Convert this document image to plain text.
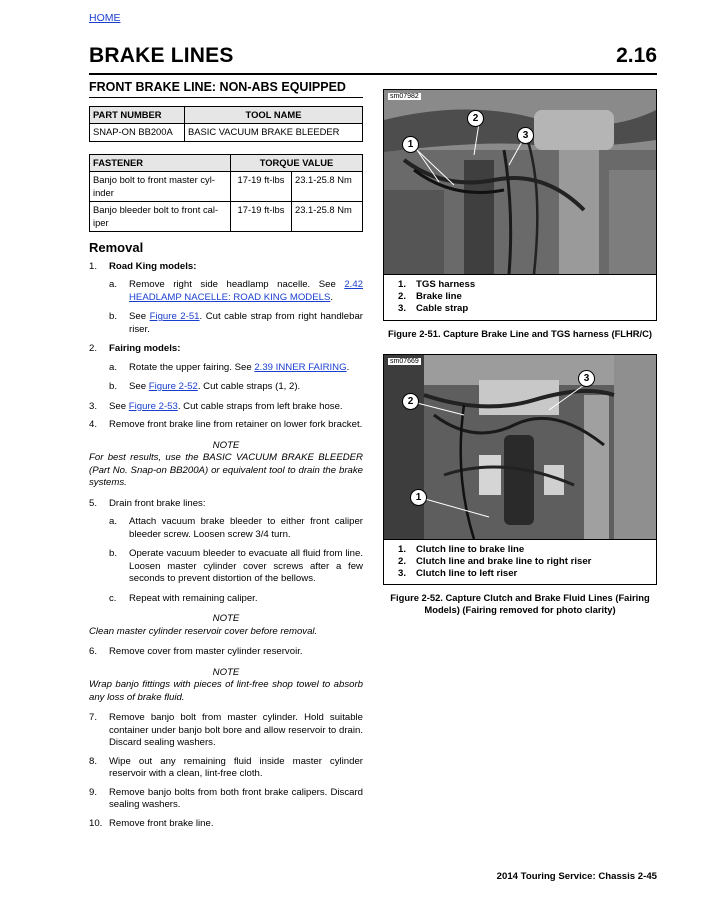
HOME
BRAKE LINES	2.16
FRONT BRAKE LINE: NON-ABS EQUIPPED
PART NUMBER	TOOL NAME
SNAP-ON BB200A	BASIC VACUUM BRAKE BLEEDER
FASTENER	TORQUE VALUE	
Banjo bolt to front master cyl-inder	17-19 ft-lbs	23.1-25.8 Nm
Banjo bleeder bolt to front cal-iper	17-19 ft-lbs	23.1-25.8 Nm
Removal
1.	Road King models:
a.	Remove right side headlamp nacelle. See 2.42 HEADLAMP NACELLE: ROAD KING MODELS.
b.	See Figure 2-51. Cut cable strap from right handlebar riser.
2.	Fairing models:
a.	Rotate the upper fairing. See 2.39 INNER FAIRING.
b.	See Figure 2-52. Cut cable straps (1, 2).
3.	See Figure 2-53. Cut cable straps from left brake hose.
4.	Remove front brake line from retainer on lower fork bracket.
NOTE
For best results, use the BASIC VACUUM BRAKE BLEEDER (Part No. Snap-on BB200A) or equivalent tool to drain the brake systems.
5.	Drain front brake lines:
a.	Attach vacuum brake bleeder to either front caliper bleeder screw. Loosen screw 3/4 turn.
b.	Operate vacuum bleeder to evacuate all fluid from line. Loosen master cylinder cover screws after a few seconds to prevent distortion of the bellows.
c.	Repeat with remaining caliper.
NOTE
Clean master cylinder reservoir cover before removal.
6.	Remove cover from master cylinder reservoir.
NOTE
Wrap banjo fittings with pieces of lint-free shop towel to absorb any loss of brake fluid.
7.	Remove banjo bolt from master cylinder. Hold suitable container under banjo bolt bore and allow reservoir to drain. Discard sealing washers.
8.	Wipe out any remaining fluid inside master cylinder reservoir with a clean, lint-free cloth.
9.	Remove banjo bolts from both front brake calipers. Discard sealing washers.
10. Remove front brake line.
sm07982
1
2
3
1. TGS harness
2. Brake line
3. Cable strap
Figure 2-51. Capture Brake Line and TGS harness (FLHR/C)
sm07669
1
2
3
1. Clutch line to brake line
2. Clutch line and brake line to right riser
3. Clutch line to left riser
Figure 2-52. Capture Clutch and Brake Fluid Lines (Fairing
Models) (Fairing removed for photo clarity)
2014 Touring Service: Chassis 2-45
